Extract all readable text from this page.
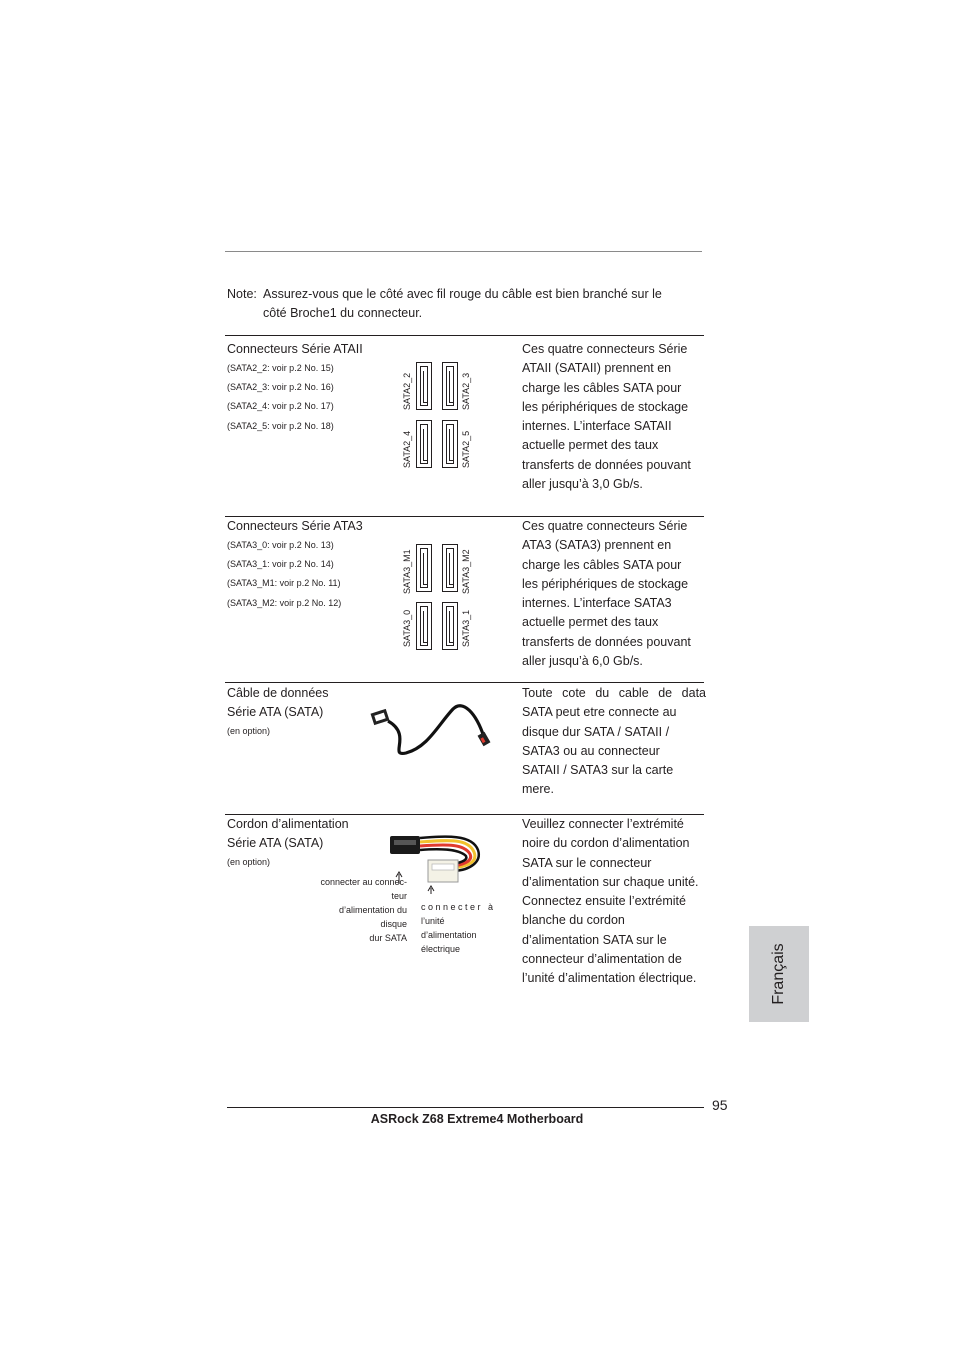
Note: Assurez-vous que le côté avec fil rouge du câble est bien branché sur le
côté Broche1 du connecteur.
Connecteurs Série ATAII
(SATA2_2: voir p.2 No. 15)
(SATA2_3: voir p.2 No. 16)
(SATA2_4: voir p.2 No. 17)
(SATA2_5: voir p.2 No. 18)
SATA2_2	SATA2_3
SATA2_4	SATA2_5
Ces quatre connecteurs Série
ATAII (SATAII) prennent en
charge les câbles SATA pour
les périphériques de stockage
internes. L’interface SATAII
actuelle permet des taux
transferts de données pouvant
aller jusqu’à 3,0 Gb/s.
Connecteurs Série ATA3
(SATA3_0: voir p.2 No. 13)
(SATA3_1: voir p.2 No. 14)
(SATA3_M1: voir p.2 No. 11)
(SATA3_M2: voir p.2 No. 12)
SATA3_M1	SATA3_M2
SATA3_0	SATA3_1
Ces quatre connecteurs Série
ATA3 (SATA3) prennent en
charge les câbles SATA pour
les périphériques de stockage
internes. L’interface SATA3
actuelle permet des taux
transferts de données pouvant
aller jusqu’à 6,0 Gb/s.
Câble de données
Série ATA (SATA)
(en option)
Toute cote du cable de data
SATA peut etre connecte au
disque dur SATA / SATAII /
SATA3 ou au connecteur
SATAII / SATA3 sur la carte
mere.
Cordon d’alimentation
Série ATA (SATA)
(en option)
connecter au connec-
teur
d’alimentation du
disque
dur SATA
c o n n e c t e r   à
l’unité
d’alimentation
électrique
Veuillez connecter l’extrémité
noire du cordon d’alimentation
SATA sur le connecteur
d’alimentation sur chaque unité.
Connectez ensuite l’extrémité
blanche du cordon
d’alimentation SATA sur le
connecteur d’alimentation de
l’unité d’alimentation électrique.	Français
95
ASRock Z68 Extreme4 Motherboard
